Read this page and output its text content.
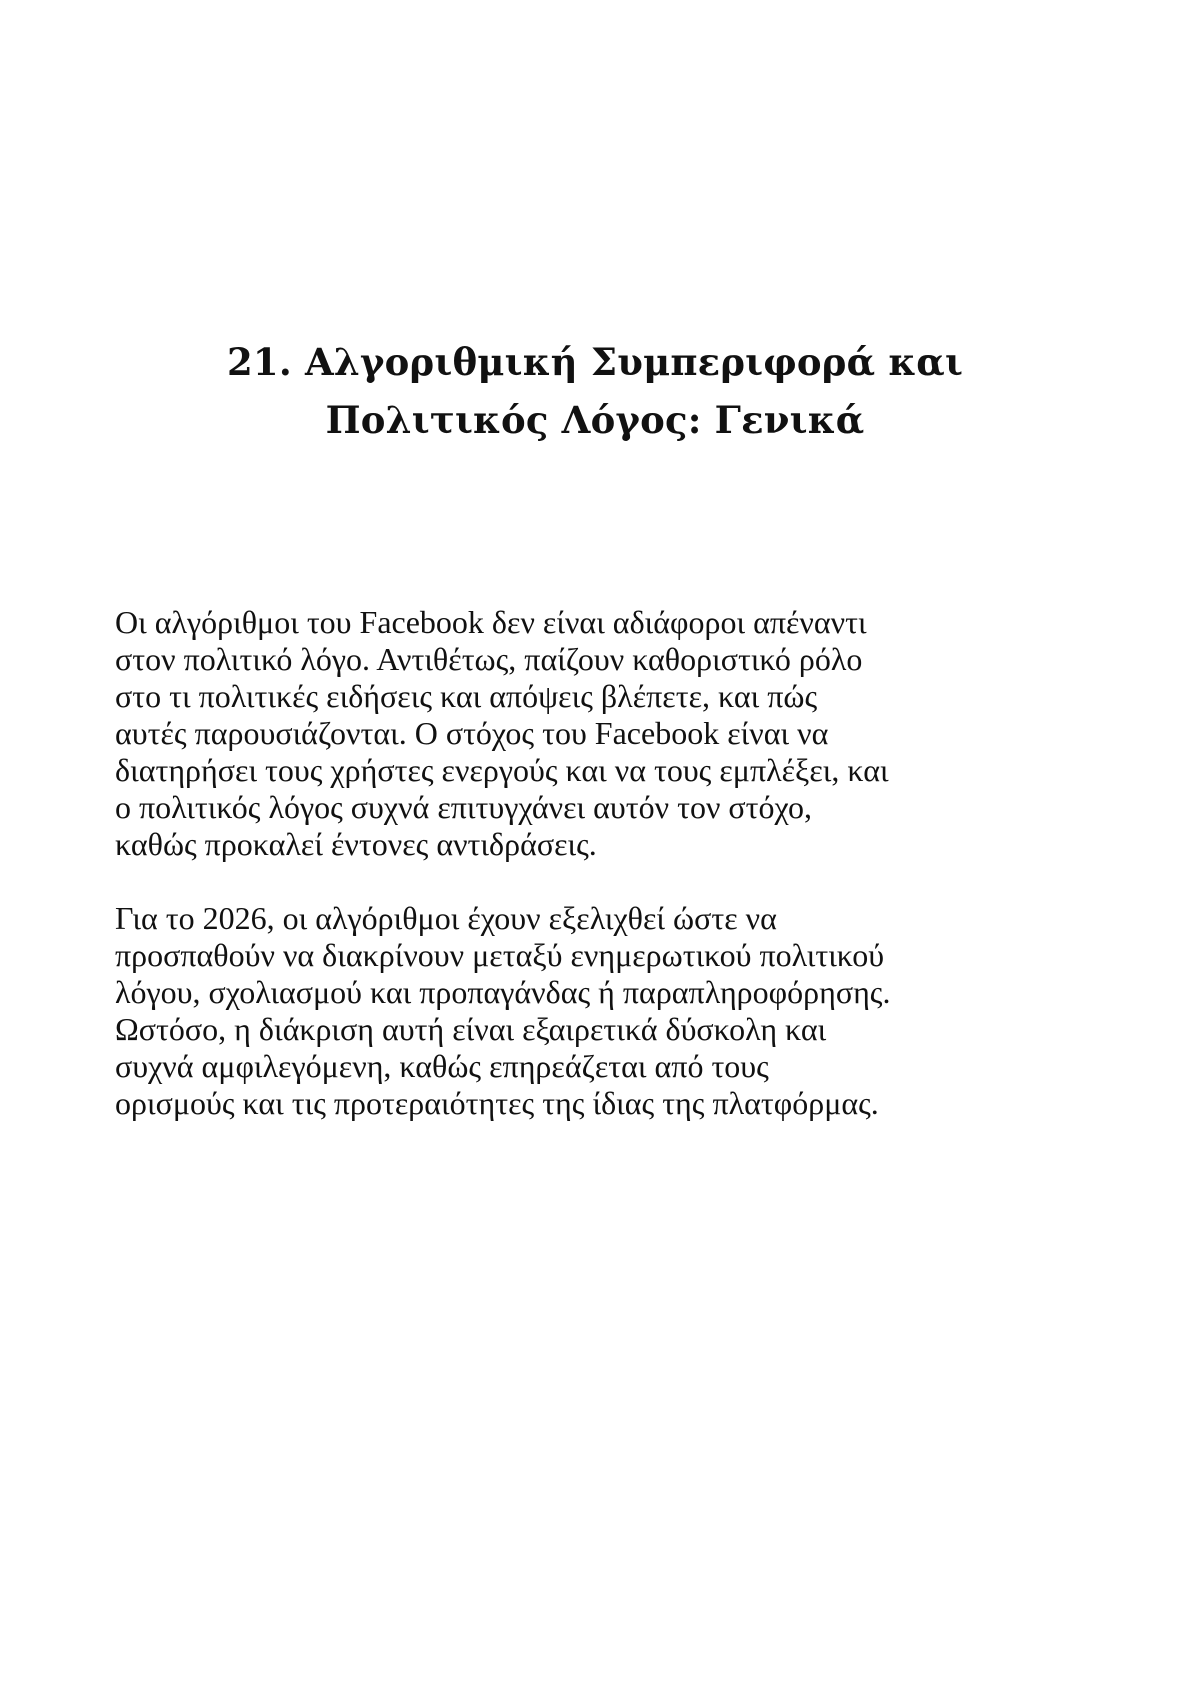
21. Αλγοριθμική Συμπεριφορά και
Πολιτικός Λόγος: Γενικά

Οι αλγόριθμοι του Facebook δεν είναι αδιάφοροι απέναντι
στον πολιτικό λόγο. Αντιθέτως, παίζουν καθοριστικό ρόλο
στο τι πολιτικές ειδήσεις και απόψεις βλέπετε, και πώς
αυτές παρουσιάζονται. Ο στόχος του Facebook είναι να
διατηρήσει τους χρήστες ενεργούς και να τους εμπλέξει, και
ο πολιτικός λόγος συχνά επιτυγχάνει αυτόν τον στόχο,
καθώς προκαλεί έντονες αντιδράσεις.

Για το 2026, οι αλγόριθμοι έχουν εξελιχθεί ώστε να
προσπαθούν να διακρίνουν μεταξύ ενημερωτικού πολιτικού
λόγου, σχολιασμού και προπαγάνδας ή παραπληροφόρησης.
Ωστόσο, η διάκριση αυτή είναι εξαιρετικά δύσκολη και
συχνά αμφιλεγόμενη, καθώς επηρεάζεται από τους
ορισμούς και τις προτεραιότητες της ίδιας της πλατφόρμας.
